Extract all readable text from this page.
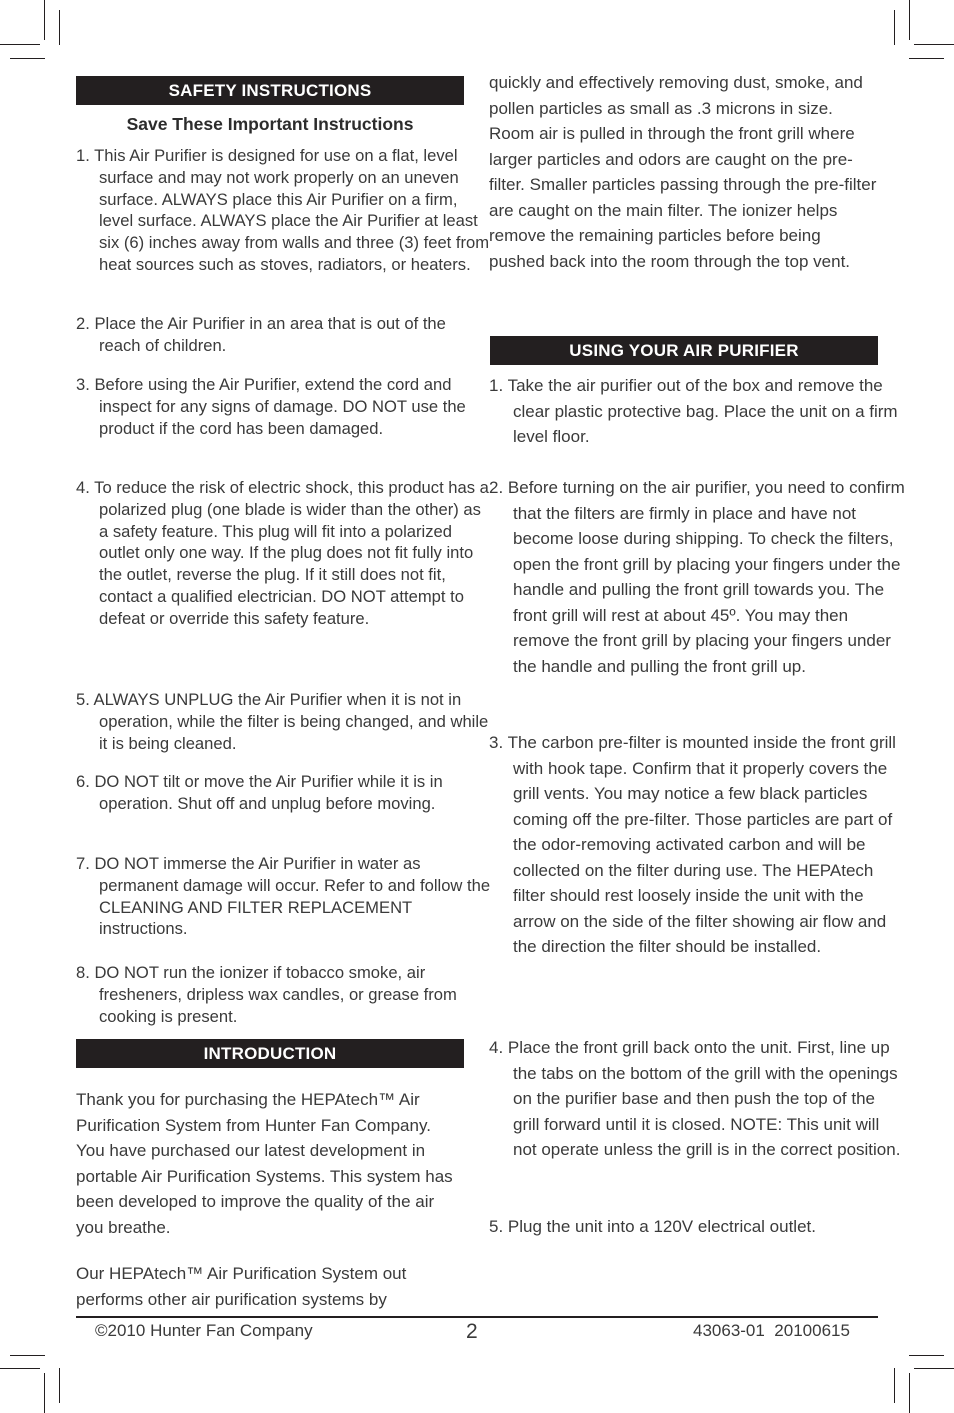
SAFETY INSTRUCTIONS
Save These Important Instructions
1. This Air Purifier is designed for use on a flat, level surface and may not work properly on an uneven surface. ALWAYS place this Air Purifier on a firm, level surface. ALWAYS place the Air Purifier at least six (6) inches away from walls and three (3) feet from heat sources such as stoves, radiators, or heaters.
2. Place the Air Purifier in an area that is out of the reach of children.
3. Before using the Air Purifier, extend the cord and inspect for any signs of damage. DO NOT use the product if the cord has been damaged.
4. To reduce the risk of electric shock, this product has a polarized plug (one blade is wider than the other) as a safety feature. This plug will fit into a polarized outlet only one way. If the plug does not fit fully into the outlet, reverse the plug. If it still does not fit, contact a qualified electrician. DO NOT attempt to defeat or override this safety feature.
5. ALWAYS UNPLUG the Air Purifier when it is not in operation, while the filter is being changed, and while it is being cleaned.
6. DO NOT tilt or move the Air Purifier while it is in operation. Shut off and unplug before moving.
7. DO NOT immerse the Air Purifier in water as permanent damage will occur. Refer to and follow the CLEANING AND FILTER REPLACEMENT instructions.
8. DO NOT run the ionizer if tobacco smoke, air fresheners, dripless wax candles, or grease from cooking is present.
INTRODUCTION
Thank you for purchasing the HEPAtech™ Air Purification System from Hunter Fan Company. You have purchased our latest development in portable Air Purification Systems. This system has been developed to improve the quality of the air you breathe.
Our HEPAtech™ Air Purification System out performs other air purification systems by
quickly and effectively removing dust, smoke, and pollen particles as small as .3 microns in size. Room air is pulled in through the front grill where larger particles and odors are caught on the pre-filter. Smaller particles passing through the pre-filter are caught on the main filter. The ionizer helps remove the remaining particles before being pushed back into the room through the top vent.
USING YOUR AIR PURIFIER
1. Take the air purifier out of the box and remove the clear plastic protective bag. Place the unit on a firm level floor.
2. Before turning on the air purifier, you need to confirm that the filters are firmly in place and have not become loose during shipping. To check the filters, open the front grill by placing your fingers under the handle and pulling the front grill towards you. The front grill will rest at about 45º. You may then remove the front grill by placing your fingers under the handle and pulling the front grill up.
3. The carbon pre-filter is mounted inside the front grill with hook tape. Confirm that it properly covers the grill vents. You may notice a few black particles coming off the pre-filter. Those particles are part of the odor-removing activated carbon and will be collected on the filter during use. The HEPAtech filter should rest loosely inside the unit with the arrow on the side of the filter showing air flow and the direction the filter should be installed.
4. Place the front grill back onto the unit. First, line up the tabs on the bottom of the grill with the openings on the purifier base and then push the top of the grill forward until it is closed. NOTE: This unit will not operate unless the grill is in the correct position.
5. Plug the unit into a 120V electrical outlet.
©2010 Hunter Fan Company	2	43063-01  20100615
